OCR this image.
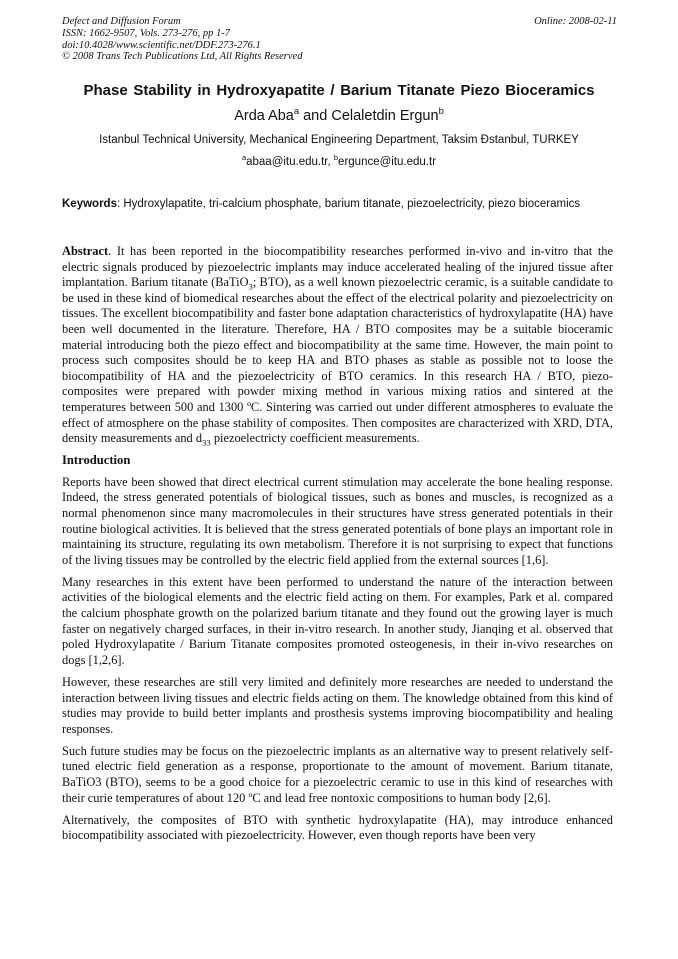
Defect and Diffusion Forum
ISSN: 1662-9507, Vols. 273-276, pp 1-7
doi:10.4028/www.scientific.net/DDF.273-276.1
© 2008 Trans Tech Publications Ltd, All Rights Reserved
Online: 2008-02-11
Phase Stability in Hydroxyapatite / Barium Titanate Piezo Bioceramics
Arda Aba$^a$ and Celaletdin Ergun$^b$
Istanbul Technical University, Mechanical Engineering Department, Taksim Đstanbul, TURKEY
$^a$abaa@itu.edu.tr, $^b$ergunce@itu.edu.tr
Keywords: Hydroxylapatite, tri-calcium phosphate, barium titanate, piezoelectricity, piezo bioceramics

Abstract. It has been reported in the biocompatibility researches performed in-vivo and in-vitro that the electric signals produced by piezoelectric implants may induce accelerated healing of the injured tissue after implantation. Barium titanate (BaTiO$_3$; BTO), as a well known piezoelectric ceramic, is a suitable candidate to be used in these kind of biomedical researches about the effect of the electrical polarity and piezoelectricity on tissues. The excellent biocompatibility and faster bone adaptation characteristics of hydroxylapatite (HA) have been well documented in the literature. Therefore, HA / BTO composites may be a suitable bioceramic material introducing both the piezo effect and biocompatibility at the same time. However, the main point to process such composites should be to keep HA and BTO phases as stable as possible not to loose the biocompatibility of HA and the piezoelectricity of BTO ceramics. In this research HA / BTO, piezo-composites were prepared with powder mixing method in various mixing ratios and sintered at the temperatures between 500 and 1300 ºC. Sintering was carried out under different atmospheres to evaluate the effect of atmosphere on the phase stability of composites. Then composites are characterized with XRD, DTA, density measurements and $d_{33}$ piezoelectricty coefficient measurements.

Introduction

Reports have been showed that direct electrical current stimulation may accelerate the bone healing response. Indeed, the stress generated potentials of biological tissues, such as bones and muscles, is recognized as a normal phenomenon since many macromolecules in their structures have stress generated potentials in their routine biological activities. It is believed that the stress generated potentials of bone plays an important role in maintaining its structure, regulating its own metabolism. Therefore it is not surprising to expect that functions of the living tissues may be controlled by the electric field applied from the external sources [1,6].

Many researches in this extent have been performed to understand the nature of the interaction between activities of the biological elements and the electric field acting on them. For examples, Park et al. compared the calcium phosphate growth on the polarized barium titanate and they found out the growing layer is much faster on negatively charged surfaces, in their in-vitro research. In another study, Jianqing et al. observed that poled Hydroxylapatite / Barium Titanate composites promoted osteogenesis, in their in-vivo researches on dogs [1,2,6].

However, these researches are still very limited and definitely more researches are needed to understand the interaction between living tissues and electric fields acting on them. The knowledge obtained from this kind of studies may provide to build better implants and prosthesis systems improving biocompatibility and healing responses.

Such future studies may be focus on the piezoelectric implants as an alternative way to present relatively self-tuned electric field generation as a response, proportionate to the amount of movement. Barium titanate, BaTiO3 (BTO), seems to be a good choice for a piezoelectric ceramic to use in this kind of researches with their curie temperatures of about 120 ºC and lead free nontoxic compositions to human body [2,6].

Alternatively, the composites of BTO with synthetic hydroxylapatite (HA), may introduce enhanced biocompatibility associated with piezoelectricity. However, even though reports have been very
